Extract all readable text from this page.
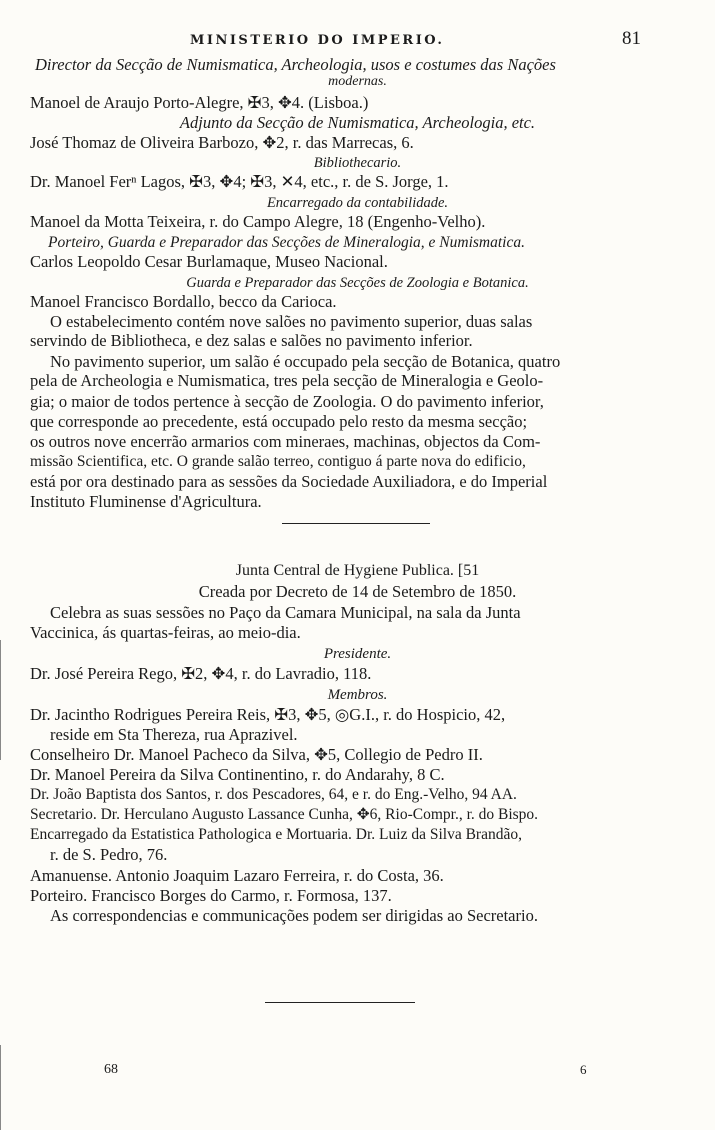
MINISTERIO DO IMPERIO.	81
Director da Secção de Numismatica, Archeologia, usos e costumes das Nações
modernas.
Manoel de Araujo Porto-Alegre, ✠3, ✥4. (Lisboa.)
Adjunto da Secção de Numismatica, Archeologia, etc.
José Thomaz de Oliveira Barbozo, ✥2, r. das Marrecas, 6.
Bibliothecario.
Dr. Manoel Ferⁿ Lagos, ✠3, ✥4; ✠3, ✕4, etc., r. de S. Jorge, 1.
Encarregado da contabilidade.
Manoel da Motta Teixeira, r. do Campo Alegre, 18 (Engenho-Velho).
Porteiro, Guarda e Preparador das Secções de Mineralogia, e Numismatica.
Carlos Leopoldo Cesar Burlamaque, Museo Nacional.
Guarda e Preparador das Secções de Zoologia e Botanica.
Manoel Francisco Bordallo, becco da Carioca.
O estabelecimento contém nove salões no pavimento superior, duas salas
servindo de Bibliotheca, e dez salas e salões no pavimento inferior.
No pavimento superior, um salão é occupado pela secção de Botanica, quatro
pela de Archeologia e Numismatica, tres pela secção de Mineralogia e Geolo-
gia; o maior de todos pertence à secção de Zoologia. O do pavimento inferior,
que corresponde ao precedente, está occupado pelo resto da mesma secção;
os outros nove encerrão armarios com mineraes, machinas, objectos da Com-
missão Scientifica, etc. O grande salão terreo, contiguo á parte nova do edificio,
está por ora destinado para as sessões da Sociedade Auxiliadora, e do Imperial
Instituto Fluminense d'Agricultura.
Junta Central de Hygiene Publica. [51
Creada por Decreto de 14 de Setembro de 1850.
Celebra as suas sessões no Paço da Camara Municipal, na sala da Junta
Vaccinica, ás quartas-feiras, ao meio-dia.
Presidente.
Dr. José Pereira Rego, ✠2, ✥4, r. do Lavradio, 118.
Membros.
Dr. Jacintho Rodrigues Pereira Reis, ✠3, ✥5, ◎G.I., r. do Hospicio, 42,
reside em Sta Thereza, rua Aprazivel.
Conselheiro Dr. Manoel Pacheco da Silva, ✥5, Collegio de Pedro II.
Dr. Manoel Pereira da Silva Continentino, r. do Andarahy, 8 C.
Dr. João Baptista dos Santos, r. dos Pescadores, 64, e r. do Eng.-Velho, 94 AA.
Secretario. Dr. Herculano Augusto Lassance Cunha, ✥6, Rio-Compr., r. do Bispo.
Encarregado da Estatistica Pathologica e Mortuaria. Dr. Luiz da Silva Brandão,
r. de S. Pedro, 76.
Amanuense. Antonio Joaquim Lazaro Ferreira, r. do Costa, 36.
Porteiro. Francisco Borges do Carmo, r. Formosa, 137.
As correspondencias e communicações podem ser dirigidas ao Secretario.
68	6
